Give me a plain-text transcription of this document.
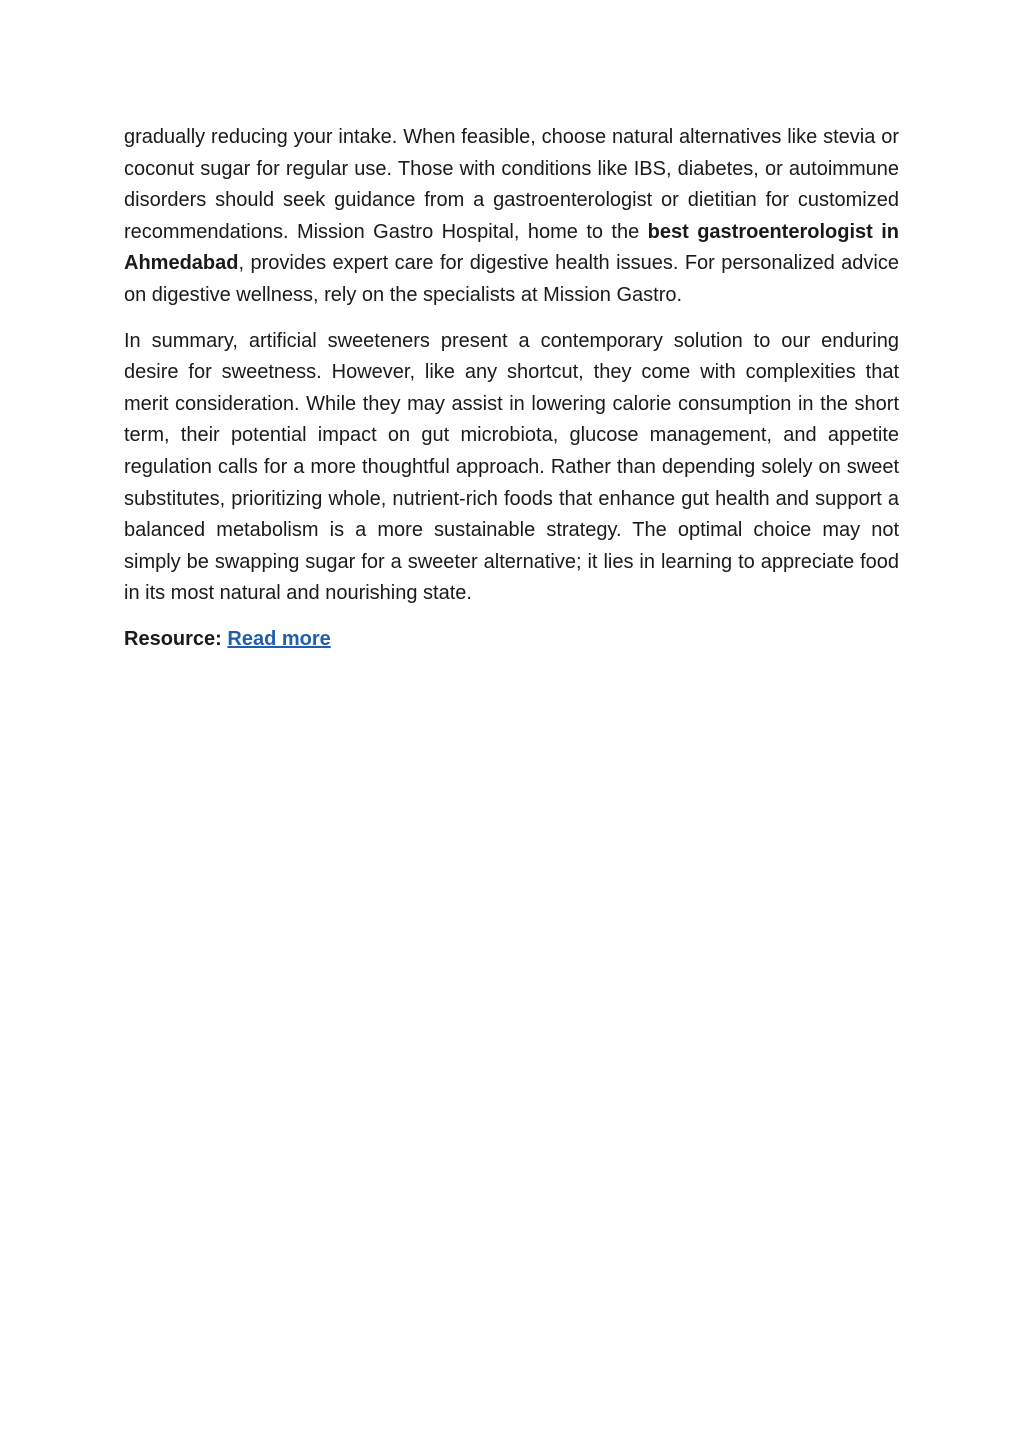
gradually reducing your intake. When feasible, choose natural alternatives like stevia or coconut sugar for regular use. Those with conditions like IBS, diabetes, or autoimmune disorders should seek guidance from a gastroenterologist or dietitian for customized recommendations. Mission Gastro Hospital, home to the best gastroenterologist in Ahmedabad, provides expert care for digestive health issues. For personalized advice on digestive wellness, rely on the specialists at Mission Gastro.

In summary, artificial sweeteners present a contemporary solution to our enduring desire for sweetness. However, like any shortcut, they come with complexities that merit consideration. While they may assist in lowering calorie consumption in the short term, their potential impact on gut microbiota, glucose management, and appetite regulation calls for a more thoughtful approach. Rather than depending solely on sweet substitutes, prioritizing whole, nutrient-rich foods that enhance gut health and support a balanced metabolism is a more sustainable strategy. The optimal choice may not simply be swapping sugar for a sweeter alternative; it lies in learning to appreciate food in its most natural and nourishing state.

Resource: Read more
